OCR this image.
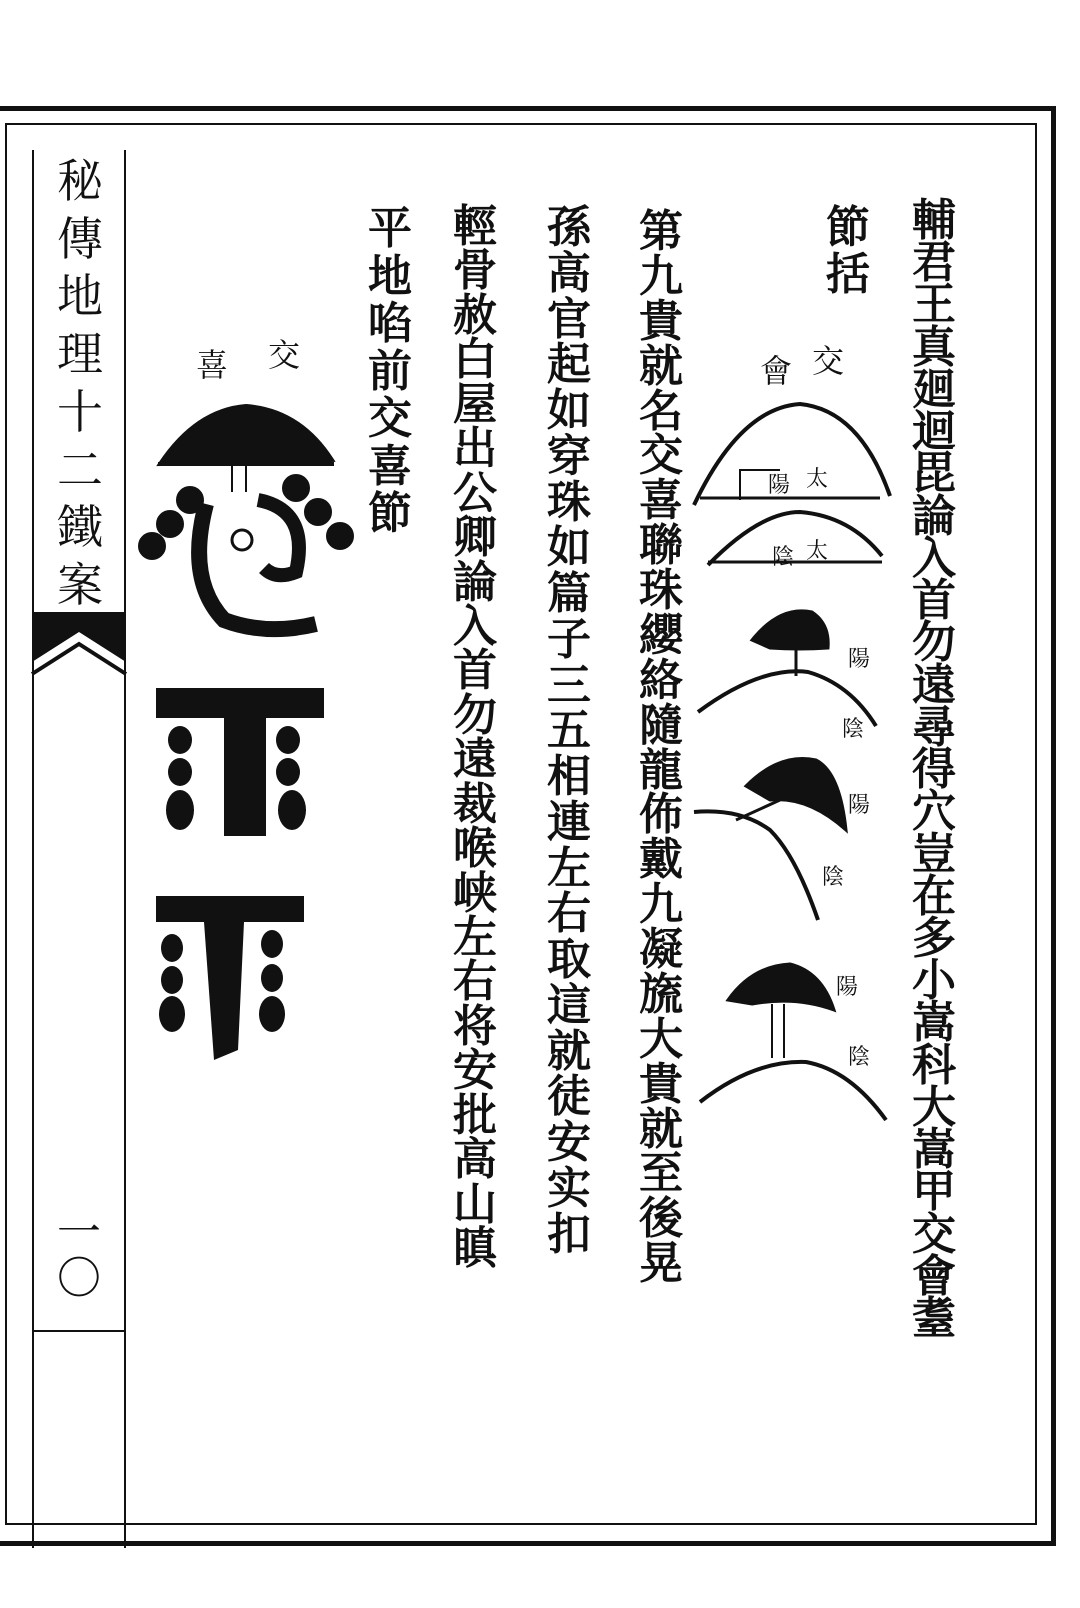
秘
傳
地
理
十
二
鐵
案
一
〇
輔
君
王
真
廻
迴
毘
論
入
首
勿
遠
尋
得
穴
豈
在
多
小
嵩
科
大
嵩
甲
交
會
耋
節
括
第
九
貴
就
名
交
喜
聯
珠
纓
絡
隨
龍
佈
戴
九
凝
旒
大
貴
就
至
後
晃
孫
高
官
起
如
穿
珠
如
篇
子
三
五
相
連
左
右
取
這
就
徒
安
实
扣
輕
骨
赦
白
屋
出
公
卿
論
入
首
勿
遠
裁
喉
峡
左
右
将
安
批
高
山
瞋
平
地
啗
前
交
喜
節
交
會
交
喜
陽 太
陰 太
陽
陰
陽
陰
陽
陰
